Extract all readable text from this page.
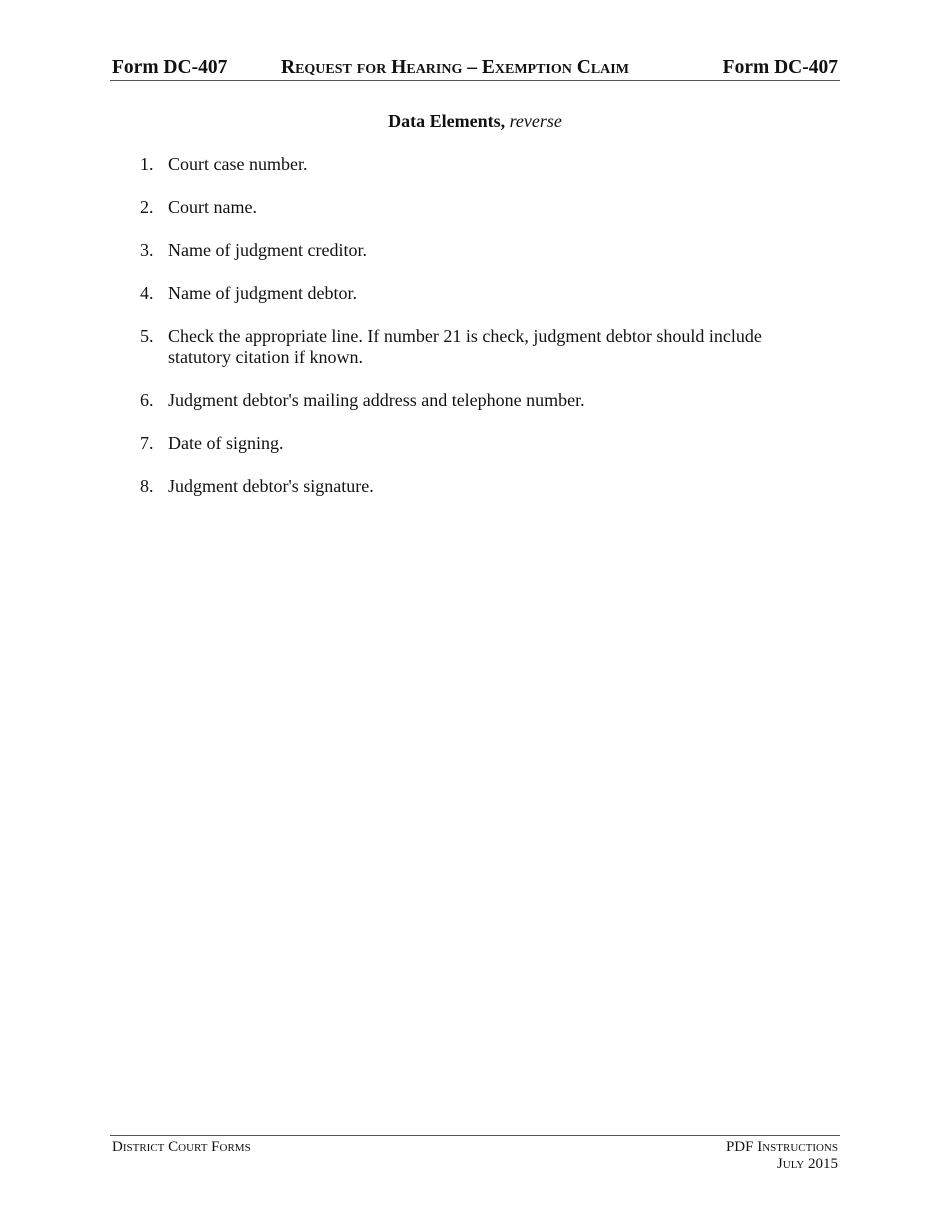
Form DC-407	Request for Hearing – Exemption Claim	Form DC-407
Data Elements, reverse
1. Court case number.
2. Court name.
3. Name of judgment creditor.
4. Name of judgment debtor.
5. Check the appropriate line. If number 21 is check, judgment debtor should include statutory citation if known.
6. Judgment debtor's mailing address and telephone number.
7. Date of signing.
8. Judgment debtor's signature.
District Court Forms	PDF Instructions
July 2015
